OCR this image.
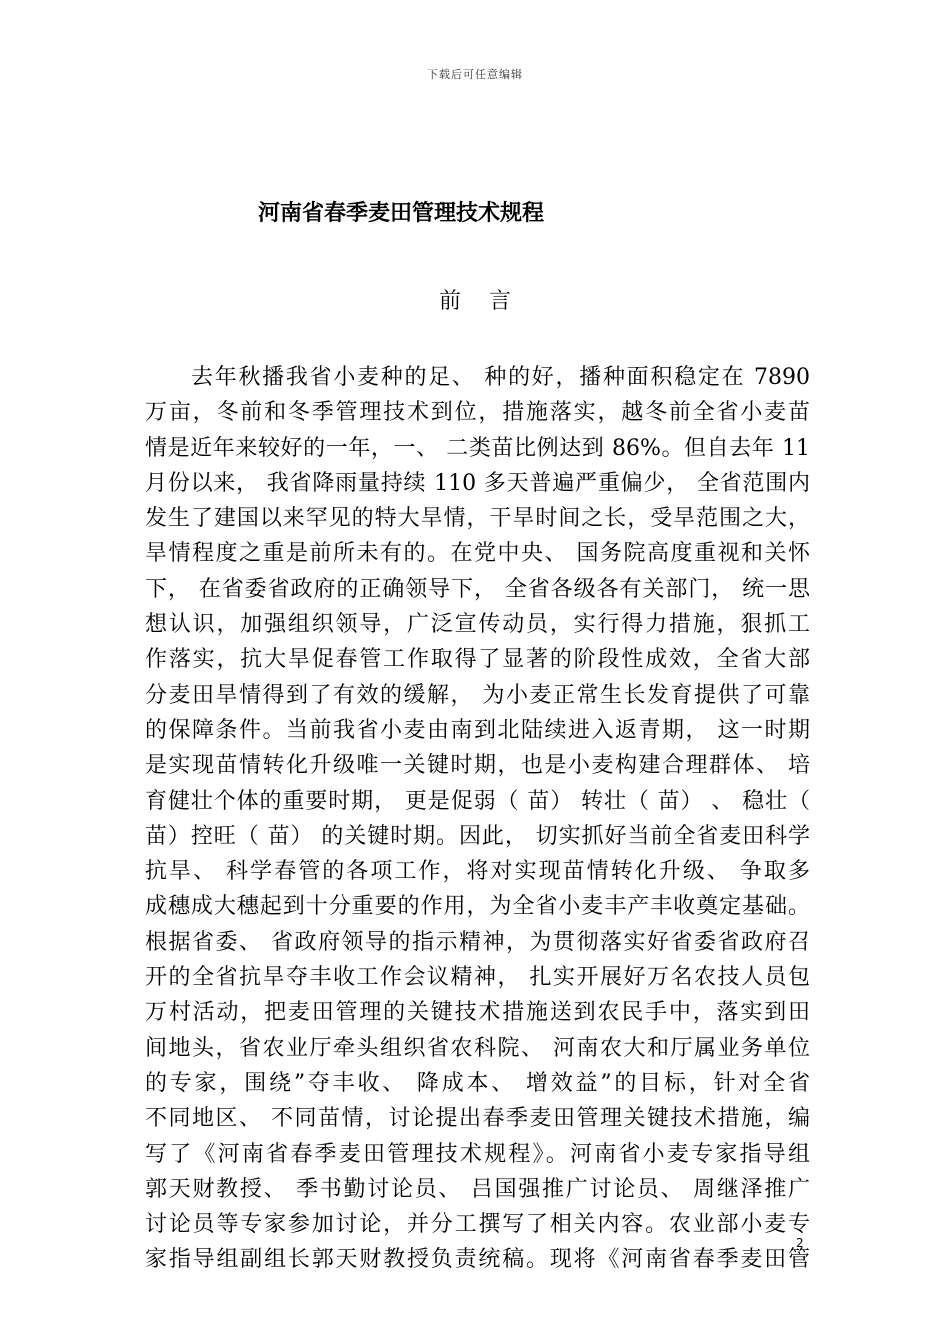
下载后可任意编辑
河南省春季麦田管理技术规程
前言
去年秋播我省小麦种的足、 种的好，播种面积稳定在 7890
万亩，冬前和冬季管理技术到位，措施落实，越冬前全省小麦苗
情是近年来较好的一年，一、 二类苗比例达到 86%。但自去年 11
月份以来， 我省降雨量持续 110 多天普遍严重偏少， 全省范围内
发生了建国以来罕见的特大旱情，干旱时间之长，受旱范围之大，
旱情程度之重是前所未有的。在党中央、 国务院高度重视和关怀
下， 在省委省政府的正确领导下， 全省各级各有关部门， 统一思
想认识，加强组织领导，广泛宣传动员，实行得力措施，狠抓工
作落实，抗大旱促春管工作取得了显著的阶段性成效，全省大部
分麦田旱情得到了有效的缓解， 为小麦正常生长发育提供了可靠
的保障条件。当前我省小麦由南到北陆续进入返青期， 这一时期
是实现苗情转化升级唯一关键时期，也是小麦构建合理群体、 培
育健壮个体的重要时期， 更是促弱（ 苗） 转壮（ 苗） 、 稳壮（
苗）控旺（ 苗） 的关键时期。因此， 切实抓好当前全省麦田科学
抗旱、 科学春管的各项工作，将对实现苗情转化升级、 争取多
成穗成大穗起到十分重要的作用，为全省小麦丰产丰收奠定基础。
根据省委、 省政府领导的指示精神，为贯彻落实好省委省政府召
开的全省抗旱夺丰收工作会议精神， 扎实开展好万名农技人员包
万村活动，把麦田管理的关键技术措施送到农民手中，落实到田
间地头，省农业厅牵头组织省农科院、 河南农大和厅属业务单位
的专家，围绕”夺丰收、 降成本、 增效益”的目标，针对全省
不同地区、 不同苗情，讨论提出春季麦田管理关键技术措施，编
写了《河南省春季麦田管理技术规程》。河南省小麦专家指导组
郭天财教授、 季书勤讨论员、 吕国强推广讨论员、 周继泽推广
讨论员等专家参加讨论，并分工撰写了相关内容。农业部小麦专
家指导组副组长郭天财教授负责统稿。现将《河南省春季麦田管
2
